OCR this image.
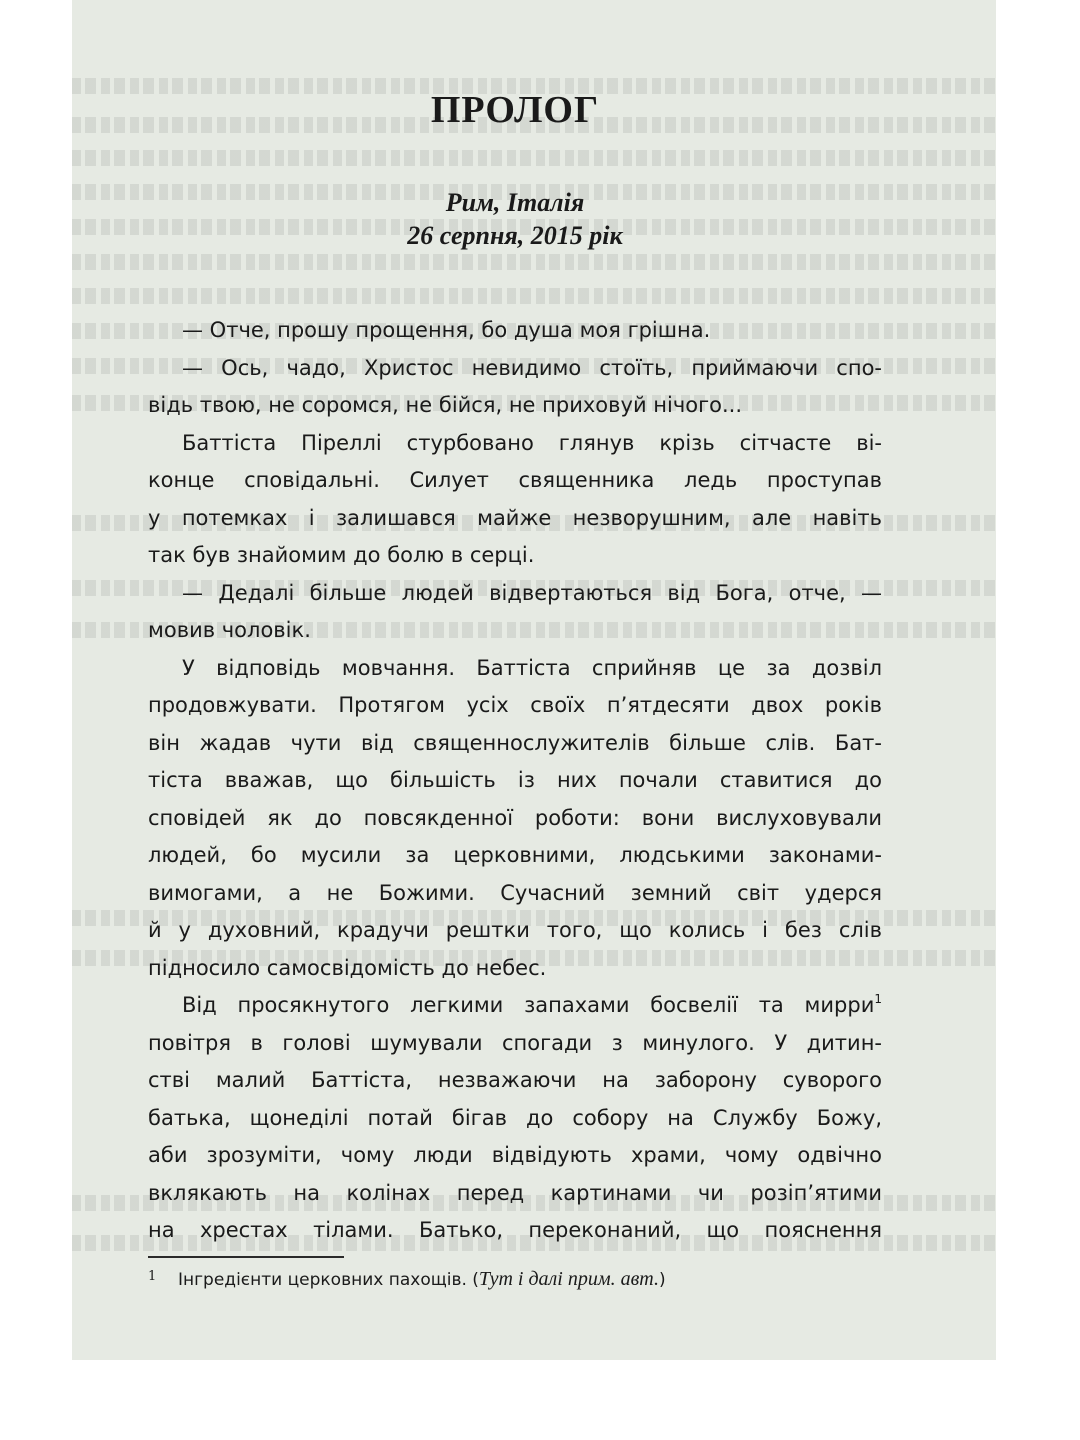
ПРОЛОГ
Рим, Італія
26 серпня, 2015 рік
— Отче, прошу прощення, бо душа моя грішна.
— Ось, чадо, Христос невидимо стоїть, приймаючи спо-
відь твою, не соромся, не бійся, не приховуй нічого...
Баттіста Піреллі стурбовано глянув крізь сітчасте ві-
конце сповідальні. Силует священника ледь проступав
у потемках і залишався майже незворушним, але навіть
так був знайомим до болю в серці.
— Дедалі більше людей відвертаються від Бога, отче, —
мовив чоловік.
У відповідь мовчання. Баттіста сприйняв це за дозвіл
продовжувати. Протягом усіх своїх п’ятдесяти двох років
він жадав чути від священнослужителів більше слів. Бат-
тіста вважав, що більшість із них почали ставитися до
сповідей як до повсякденної роботи: вони вислуховували
людей, бо мусили за церковними, людськими законами-
вимогами, а не Божими. Сучасний земний світ удерся
й у духовний, крадучи рештки того, що колись і без слів
підносило самосвідомість до небес.
Від просякнутого легкими запахами босвелії та мирри$^1$
повітря в голові шумували спогади з минулого. У дитин-
стві малий Баттіста, незважаючи на заборону суворого
батька, щонеділі потай бігав до собору на Службу Божу,
аби зрозуміти, чому люди відвідують храми, чому одвічно
вклякають на колінах перед картинами чи розіп’ятими
на хрестах тілами. Батько, переконаний, що пояснення
1 Інгредієнти церковних пахощів. (Тут і далі прим. авт.)
